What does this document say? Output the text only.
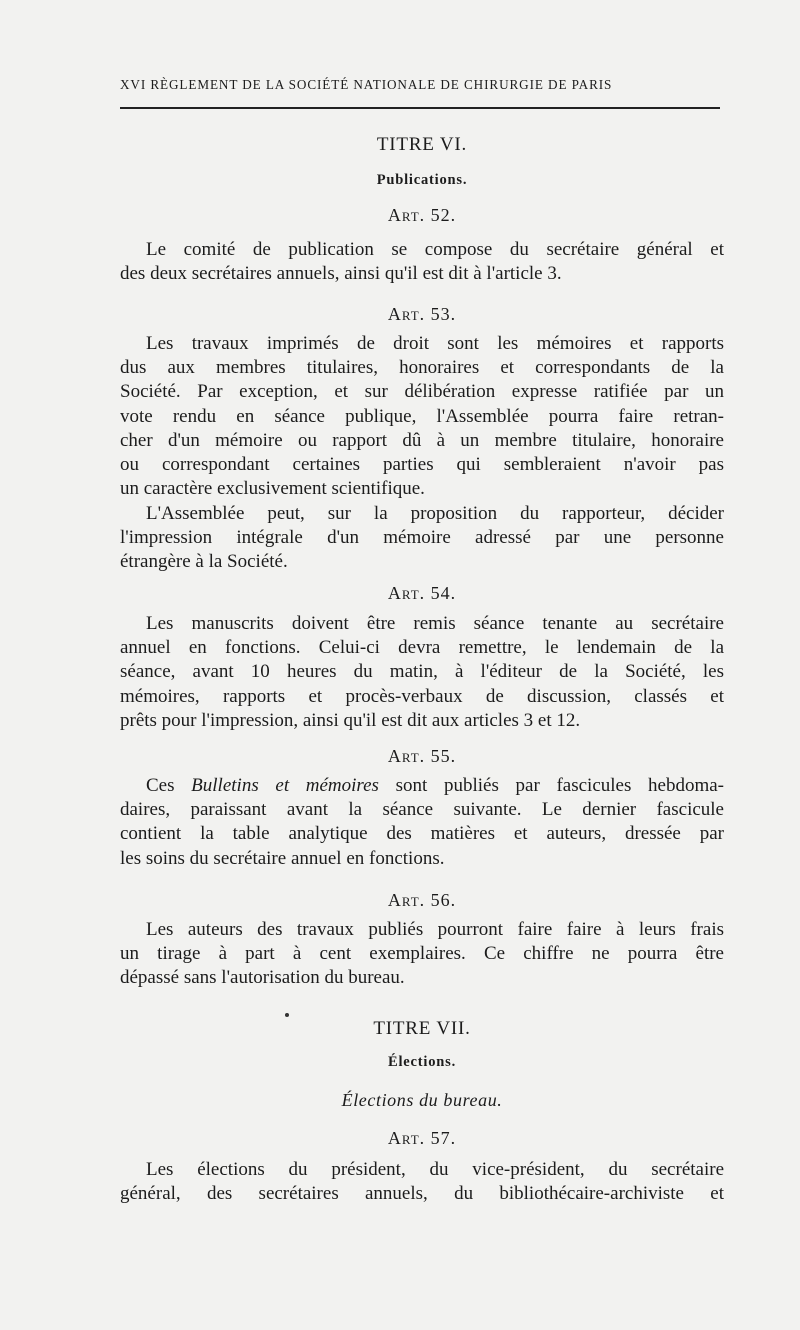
XVI RÈGLEMENT DE LA SOCIÉTÉ NATIONALE DE CHIRURGIE DE PARIS
TITRE VI.
Publications.
Art. 52.
Le comité de publication se compose du secrétaire général et
des deux secrétaires annuels, ainsi qu'il est dit à l'article 3.
Art. 53.
Les travaux imprimés de droit sont les mémoires et rapports
dus aux membres titulaires, honoraires et correspondants de la
Société. Par exception, et sur délibération expresse ratifiée par un
vote rendu en séance publique, l'Assemblée pourra faire retran-
cher d'un mémoire ou rapport dû à un membre titulaire, honoraire
ou correspondant certaines parties qui sembleraient n'avoir pas
un caractère exclusivement scientifique.
L'Assemblée peut, sur la proposition du rapporteur, décider
l'impression intégrale d'un mémoire adressé par une personne
étrangère à la Société.
Art. 54.
Les manuscrits doivent être remis séance tenante au secrétaire
annuel en fonctions. Celui-ci devra remettre, le lendemain de la
séance, avant 10 heures du matin, à l'éditeur de la Société, les
mémoires, rapports et procès-verbaux de discussion, classés et
prêts pour l'impression, ainsi qu'il est dit aux articles 3 et 12.
Art. 55.
Ces Bulletins et mémoires sont publiés par fascicules hebdoma-
daires, paraissant avant la séance suivante. Le dernier fascicule
contient la table analytique des matières et auteurs, dressée par
les soins du secrétaire annuel en fonctions.
Art. 56.
Les auteurs des travaux publiés pourront faire faire à leurs frais
un tirage à part à cent exemplaires. Ce chiffre ne pourra être
dépassé sans l'autorisation du bureau.
TITRE VII.
Élections.
Élections du bureau.
Art. 57.
Les élections du président, du vice-président, du secrétaire
général, des secrétaires annuels, du bibliothécaire-archiviste et
